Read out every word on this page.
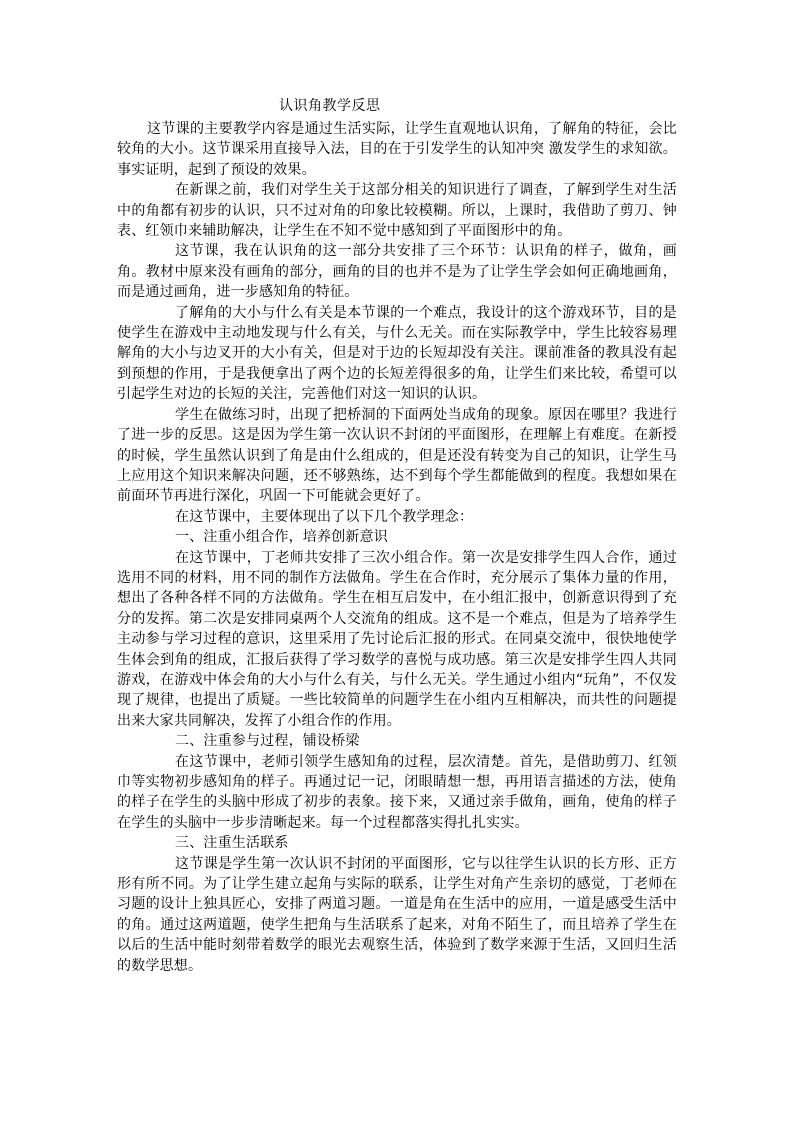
认识角教学反思

这节课的主要教学内容是通过生活实际，让学生直观地认识角，了解角的特征，会比较角的大小。这节课采用直接导入法，目的在于引发学生的认知冲突 激发学生的求知欲。事实证明，起到了预设的效果。

在新课之前，我们对学生关于这部分相关的知识进行了调查，了解到学生对生活中的角都有初步的认识，只不过对角的印象比较模糊。所以，上课时，我借助了剪刀、钟表、红领巾来辅助解决，让学生在不知不觉中感知到了平面图形中的角。

这节课，我在认识角的这一部分共安排了三个环节：认识角的样子，做角，画角。教材中原来没有画角的部分，画角的目的也并不是为了让学生学会如何正确地画角，而是通过画角，进一步感知角的特征。

了解角的大小与什么有关是本节课的一个难点，我设计的这个游戏环节，目的是使学生在游戏中主动地发现与什么有关，与什么无关。而在实际教学中，学生比较容易理解角的大小与边叉开的大小有关，但是对于边的长短却没有关注。课前准备的教具没有起到预想的作用，于是我便拿出了两个边的长短差得很多的角，让学生们来比较，希望可以引起学生对边的长短的关注，完善他们对这一知识的认识。

学生在做练习时，出现了把桥洞的下面两处当成角的现象。原因在哪里？我进行了进一步的反思。这是因为学生第一次认识不封闭的平面图形，在理解上有难度。在新授的时候，学生虽然认识到了角是由什么组成的，但是还没有转变为自己的知识，让学生马上应用这个知识来解决问题，还不够熟练，达不到每个学生都能做到的程度。我想如果在前面环节再进行深化，巩固一下可能就会更好了。

在这节课中，主要体现出了以下几个教学理念：

一、注重小组合作，培养创新意识

在这节课中，丁老师共安排了三次小组合作。第一次是安排学生四人合作，通过选用不同的材料，用不同的制作方法做角。学生在合作时，充分展示了集体力量的作用，想出了各种各样不同的方法做角。学生在相互启发中，在小组汇报中，创新意识得到了充分的发挥。第二次是安排同桌两个人交流角的组成。这不是一个难点，但是为了培养学生主动参与学习过程的意识，这里采用了先讨论后汇报的形式。在同桌交流中，很快地使学生体会到角的组成，汇报后获得了学习数学的喜悦与成功感。第三次是安排学生四人共同游戏，在游戏中体会角的大小与什么有关，与什么无关。学生通过小组内“玩角”，不仅发现了规律，也提出了质疑。一些比较简单的问题学生在小组内互相解决，而共性的问题提出来大家共同解决，发挥了小组合作的作用。

二、注重参与过程，铺设桥梁

在这节课中，老师引领学生感知角的过程，层次清楚。首先，是借助剪刀、红领巾等实物初步感知角的样子。再通过记一记，闭眼睛想一想，再用语言描述的方法，使角的样子在学生的头脑中形成了初步的表象。接下来，又通过亲手做角，画角，使角的样子在学生的头脑中一步步清晰起来。每一个过程都落实得扎扎实实。

三、注重生活联系

这节课是学生第一次认识不封闭的平面图形，它与以往学生认识的长方形、正方形有所不同。为了让学生建立起角与实际的联系，让学生对角产生亲切的感觉，丁老师在习题的设计上独具匠心，安排了两道习题。一道是角在生活中的应用，一道是感受生活中的角。通过这两道题，使学生把角与生活联系了起来，对角不陌生了，而且培养了学生在以后的生活中能时刻带着数学的眼光去观察生活，体验到了数学来源于生活，又回归生活的数学思想。
